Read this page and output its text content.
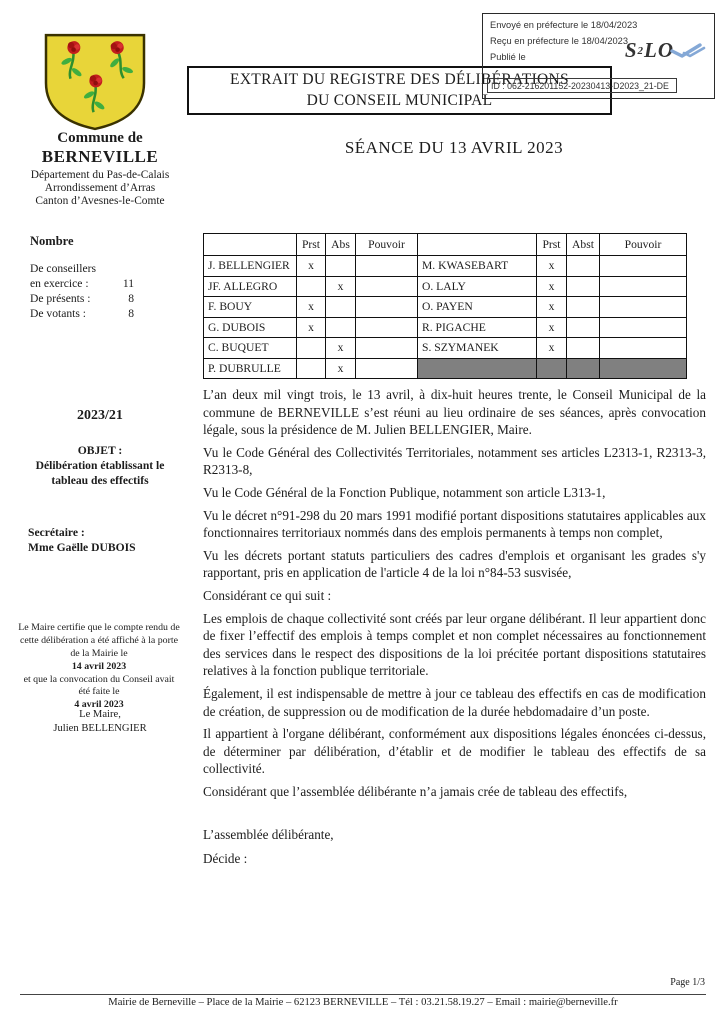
EXTRAIT DU REGISTRE DES DÉLIBÉRATIONS
DU CONSEIL MUNICIPAL
Envoyé en préfecture le 18/04/2023
Reçu en préfecture le 18/04/2023
Publié le
ID : 062-216201152-20230413-D2023_21-DE
S 2 LO
SÉANCE DU 13 AVRIL 2023
Commune de
BERNEVILLE
Département du Pas-de-Calais
Arrondissement d’Arras
Canton d’Avesnes-le-Comte
Nombre
De conseillers
en exercice :	11
De présents :	8
De votants :	8
2023/21
OBJET :
Délibération établissant le
tableau des effectifs
Secrétaire :
Mme Gaëlle DUBOIS
Le Maire certifie que le compte rendu de cette délibération a été affiché à la porte de la Mairie le
14 avril 2023
et que la convocation du Conseil avait été faite le
4 avril 2023
Le Maire,
Julien BELLENGIER
	Prst	Abs	Pouvoir		Prst	Abst	Pouvoir
J. BELLENGIER	x			M. KWASEBART	x		
JF. ALLEGRO		x		O. LALY	x		
F. BOUY	x			O. PAYEN	x		
G. DUBOIS	x			R. PIGACHE	x		
C. BUQUET		x		S. SZYMANEK	x		
P. DUBRULLE		x					
L’an deux mil vingt trois, le 13 avril, à dix-huit heures trente, le Conseil Municipal de la commune de BERNEVILLE s’est réuni au lieu ordinaire de ses séances, après convocation légale, sous la présidence de M. Julien BELLENGIER, Maire.
Vu le Code Général des Collectivités Territoriales, notamment ses articles L2313-1, R2313-3, R2313-8,
Vu le Code Général de la Fonction Publique, notamment son article L313-1,
Vu le décret n°91-298 du 20 mars 1991 modifié portant dispositions statutaires applicables aux fonctionnaires territoriaux nommés dans des emplois permanents à temps non complet,
Vu les décrets portant statuts particuliers des cadres d'emplois et organisant les grades s'y rapportant, pris en application de l'article 4 de la loi n°84-53 susvisée,
Considérant ce qui suit :
Les emplois de chaque collectivité sont créés par leur organe délibérant. Il leur appartient donc de fixer l’effectif des emplois à temps complet et non complet nécessaires au fonctionnement des services dans le respect des dispositions de la loi précitée portant dispositions statutaires relatives à la fonction publique territoriale.
Également, il est indispensable de mettre à jour ce tableau des effectifs en cas de modification de création, de suppression ou de modification de la durée hebdomadaire d’un poste.
Il appartient à l'organe délibérant, conformément aux dispositions légales énoncées ci-dessus, de déterminer par délibération, d’établir et de modifier le tableau des effectifs de sa collectivité.
Considérant que l’assemblée délibérante n’a jamais crée de tableau des effectifs,
L’assemblée délibérante,
Décide :
Page 1/3
Mairie de Berneville – Place de la Mairie – 62123 BERNEVILLE – Tél : 03.21.58.19.27 – Email : mairie@berneville.fr
